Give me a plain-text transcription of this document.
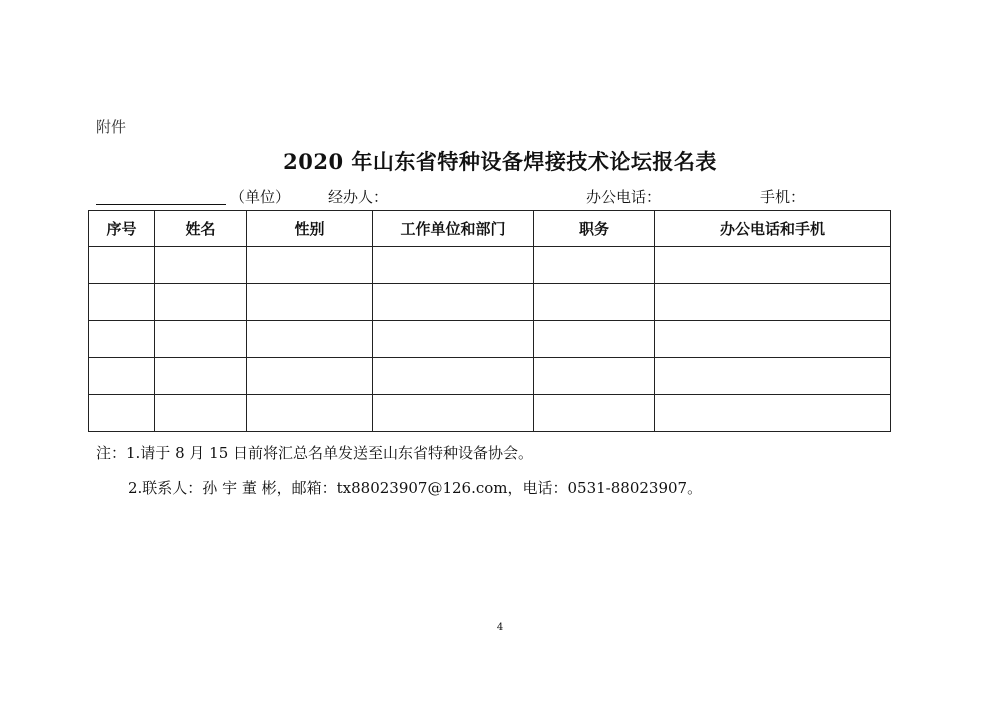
附件
2020 年山东省特种设备焊接技术论坛报名表
（单位）	经办人：	办公电话：	手机：
序号	姓名	性别	工作单位和部门	职务	办公电话和手机

注：1.请于 8 月 15 日前将汇总名单发送至山东省特种设备协会。
2.联系人：孙 宇 董 彬，邮箱：tx88023907@126.com，电话：0531-88023907。
4
